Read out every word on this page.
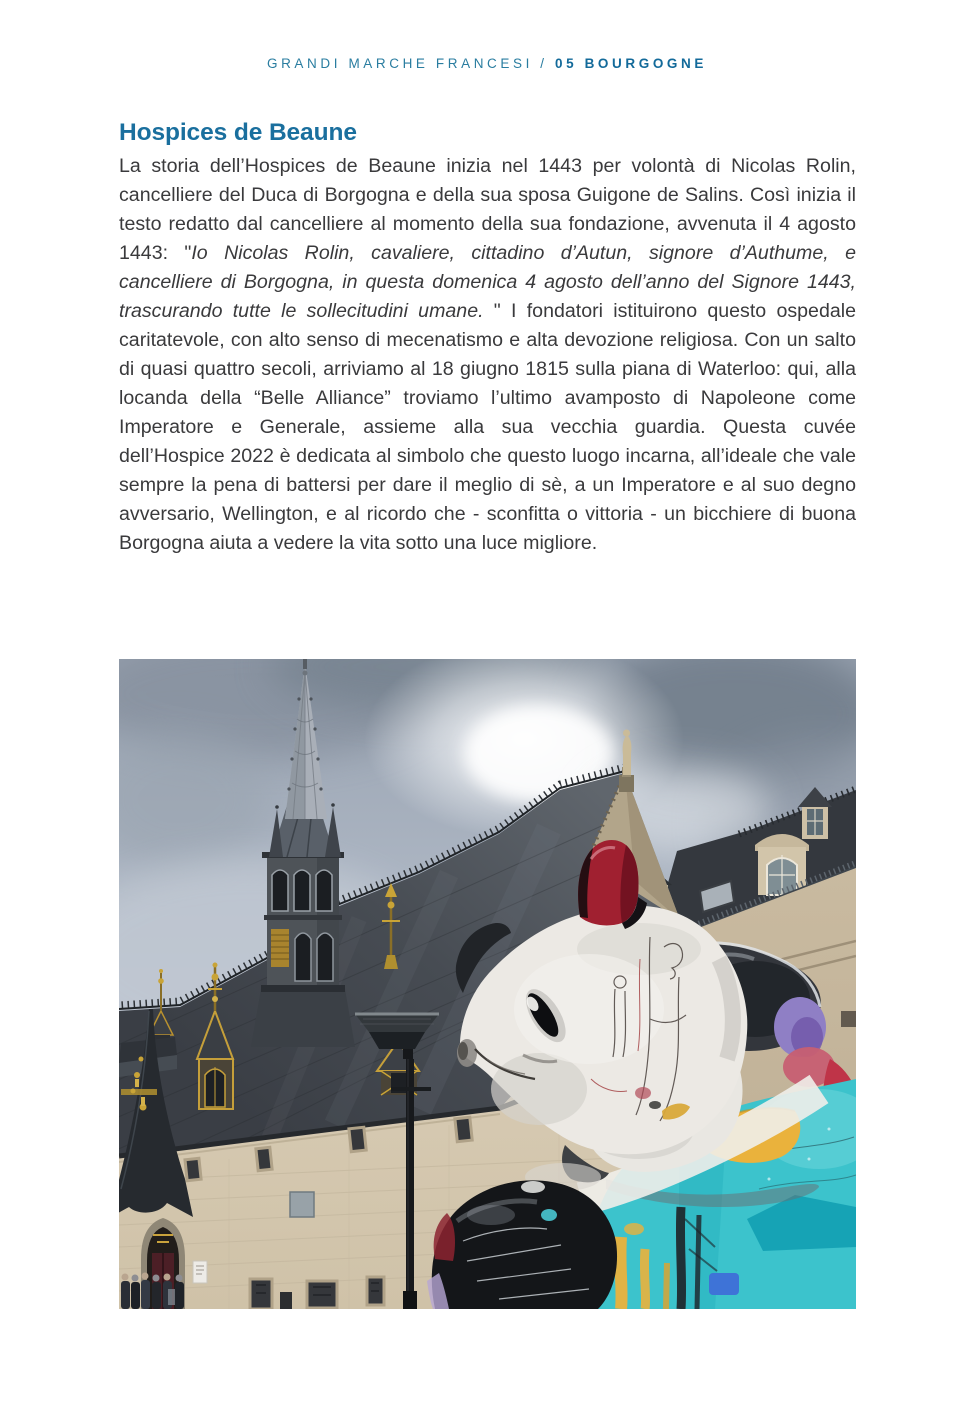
GRANDI MARCHE FRANCESI / 05 BOURGOGNE
Hospices de Beaune

La storia dell’Hospices de Beaune inizia nel 1443 per volontà di Nicolas Rolin, cancelliere del Duca di Borgogna e della sua sposa Guigone de Salins. Così inizia il testo redatto dal cancelliere al momento della sua fondazione, avvenuta il 4 agosto 1443: "Io Nicolas Rolin, cavaliere, cittadino d’Autun, signore d’Authume, e cancelliere di Borgogna, in questa domenica 4 agosto dell’anno del Signore 1443, trascurando tutte le sollecitudini umane. " I fondatori istituirono questo ospedale caritatevole, con alto senso di mecenatismo e alta devozione religiosa. Con un salto di quasi quattro secoli, arriviamo al 18 giugno 1815 sulla piana di Waterloo: qui, alla locanda della “Belle Alliance” troviamo l’ultimo avamposto di Napoleone come Imperatore e Generale, assieme alla sua vecchia guardia. Questa cuvée dell’Hospice 2022 è dedicata al simbolo che questo luogo incarna, all’ideale che vale sempre la pena di battersi per dare il meglio di sè, a un Imperatore e al suo degno avversario, Wellington, e al ricordo che - sconfitta o vittoria - un bicchiere di buona Borgogna aiuta a vedere la vita sotto una luce migliore.
